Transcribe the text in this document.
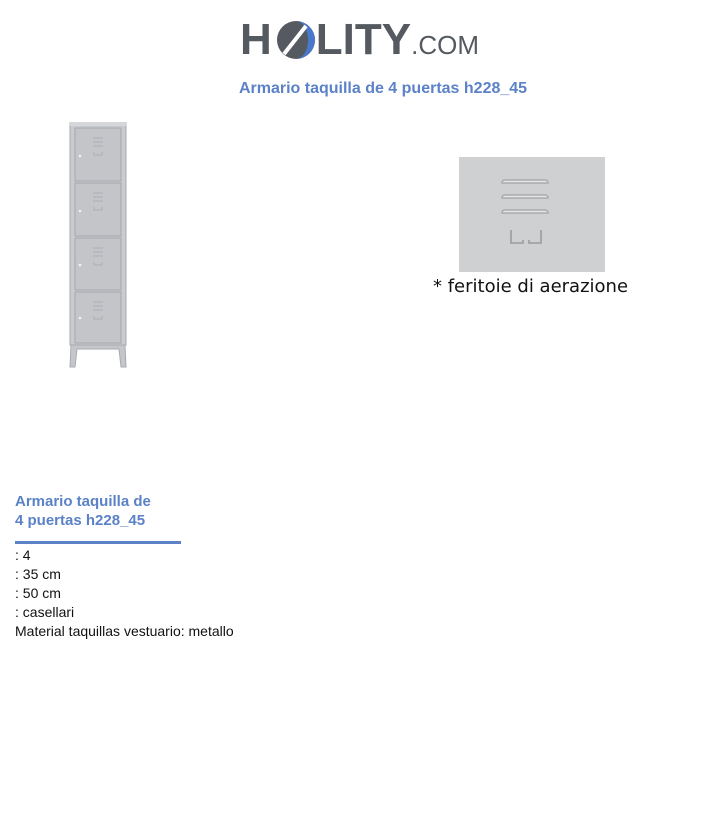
H LITY.COM
Armario taquilla de 4 puertas h228_45
* feritoie di aerazione
Armario taquilla de
4 puertas h228_45
: 4
: 35 cm
: 50 cm
: casellari
Material taquillas vestuario: metallo
